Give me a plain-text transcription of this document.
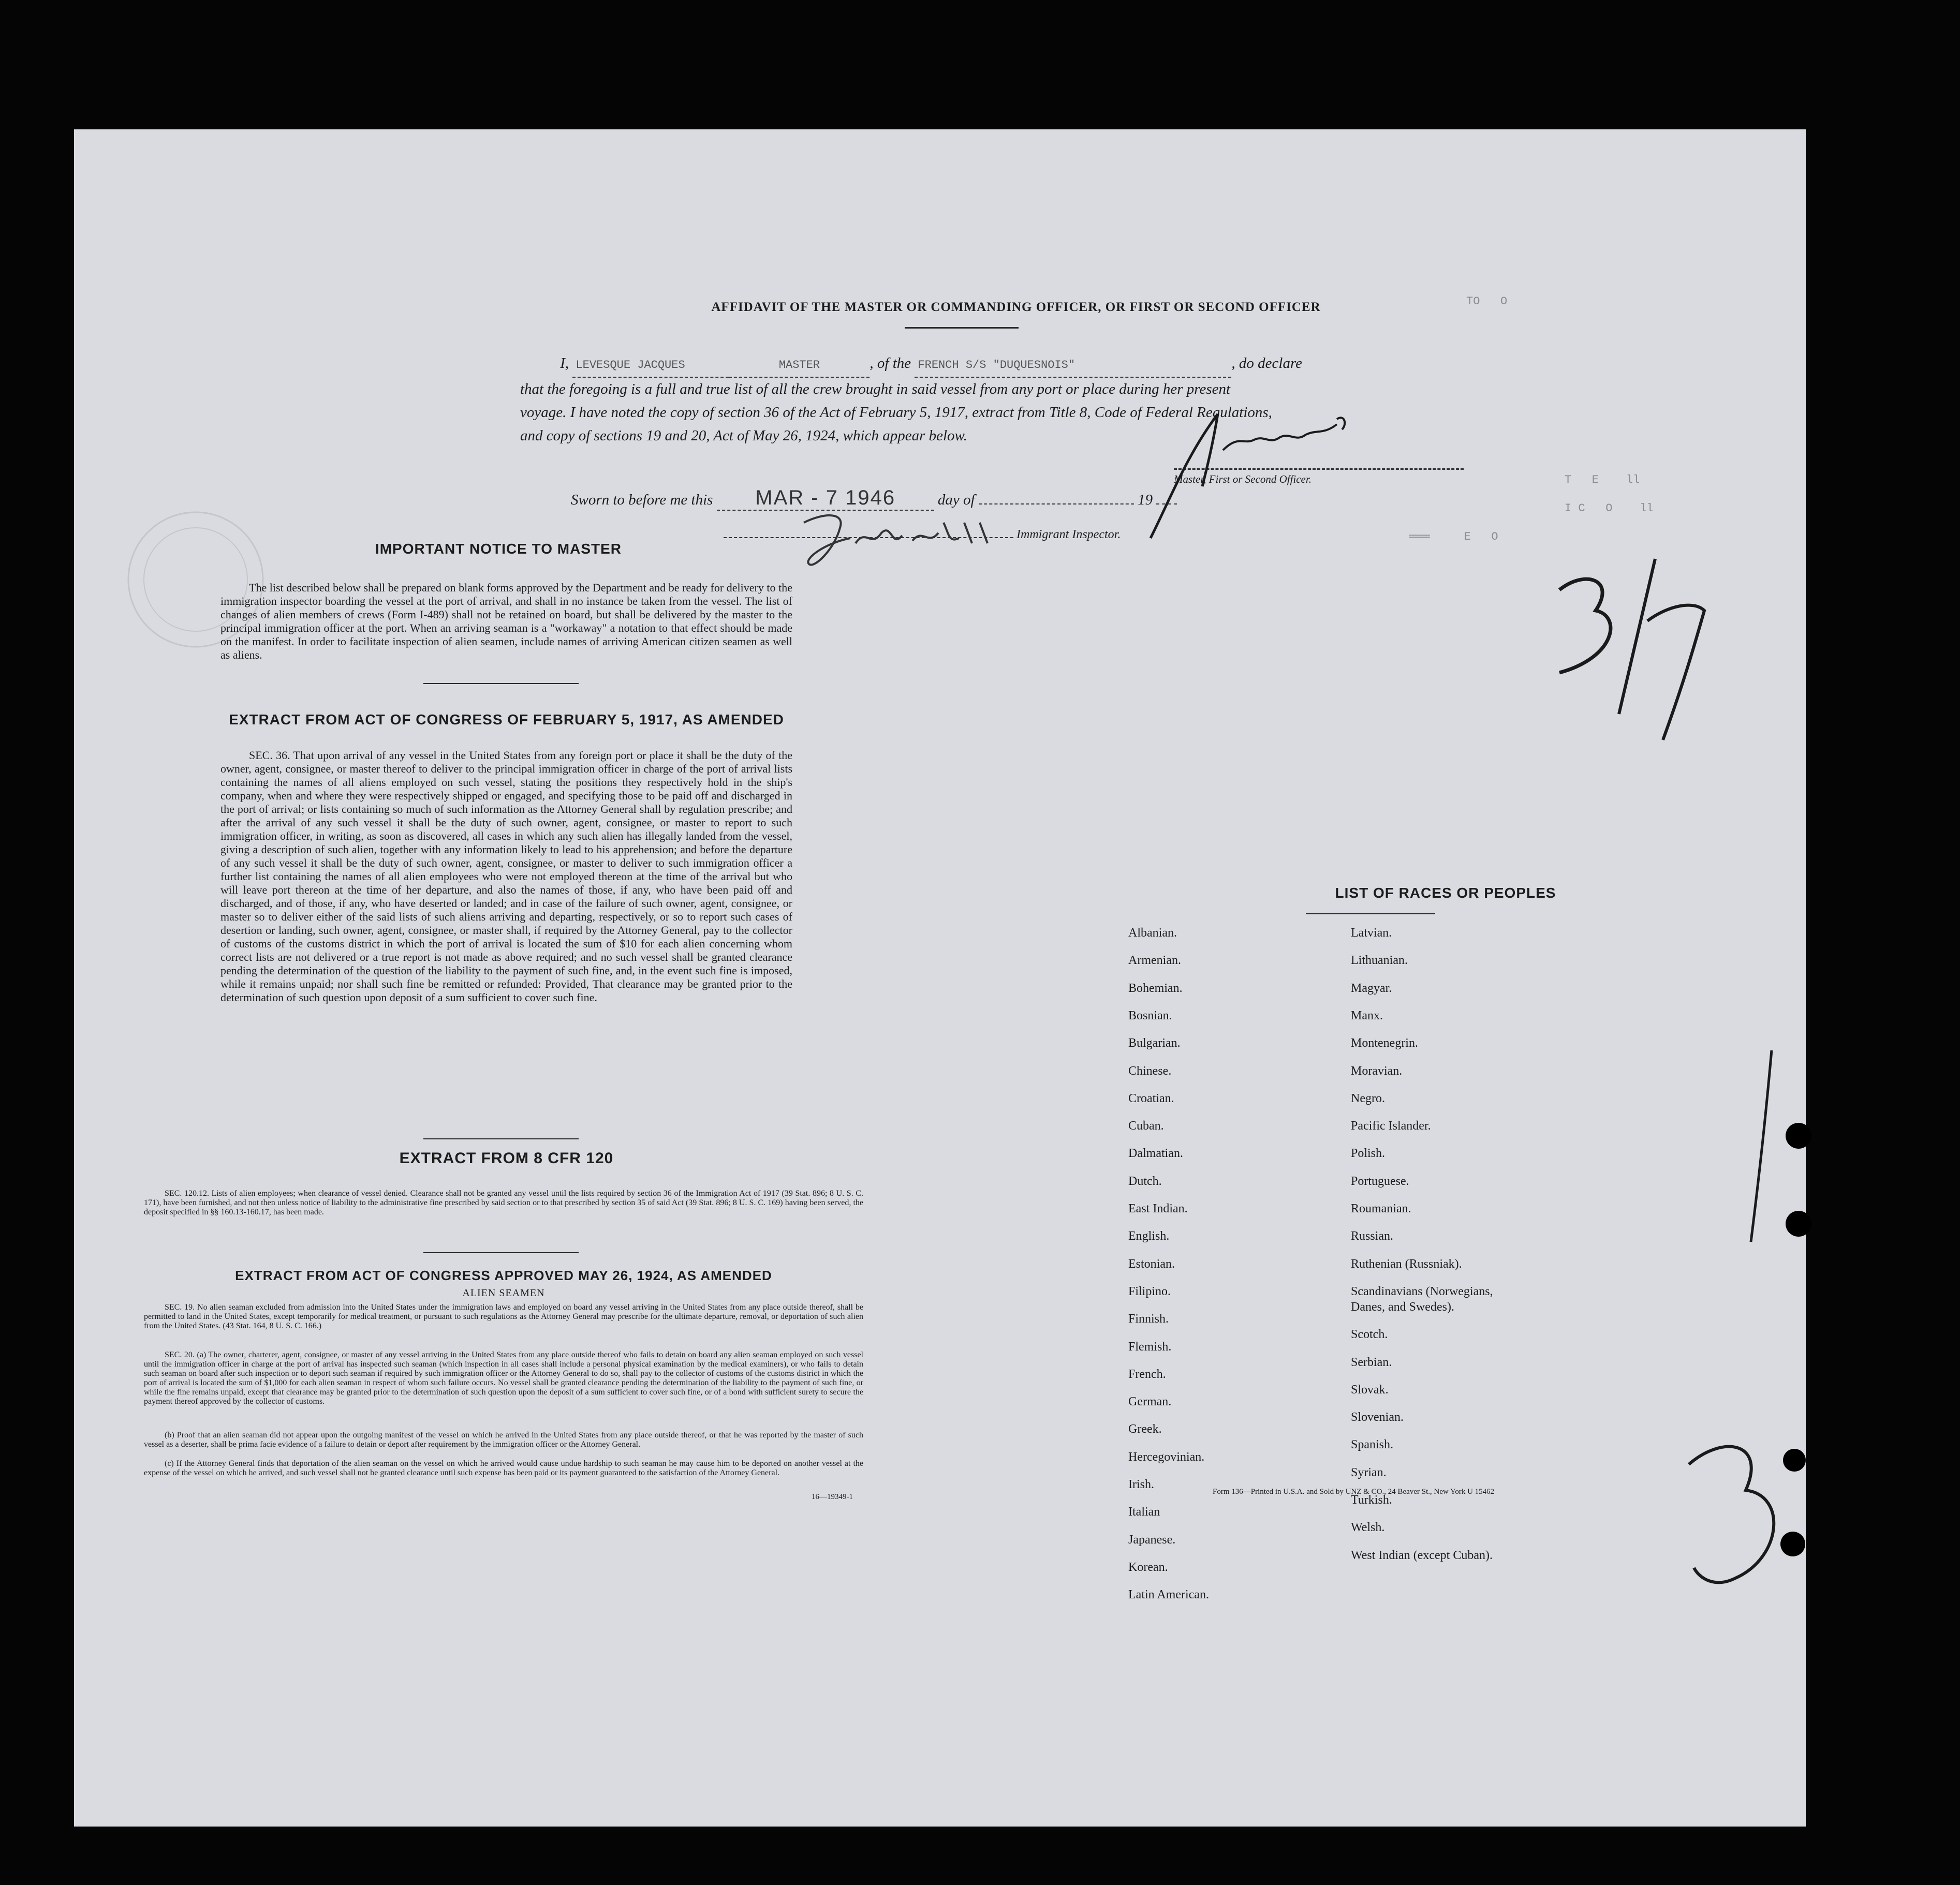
AFFIDAVIT OF THE MASTER OR COMMANDING OFFICER, OR FIRST OR SECOND OFFICER
I, LEVESQUE JACQUES	MASTER	, of the FRENCH S/S "DUQUESNOIS"	, do declare
that the foregoing is a full and true list of all the crew brought in said vessel from any port or place during her present
voyage. I have noted the copy of section 36 of the Act of February 5, 1917, extract from Title 8, Code of Federal Regulations,
and copy of sections 19 and 20, Act of May 26, 1924, which appear below.
Master, First or Second Officer.
Sworn to before me this MAR - 7 1946	day of	19
Immigrant Inspector.
IMPORTANT NOTICE TO MASTER
The list described below shall be prepared on blank forms approved by the Department and be ready for delivery to the immigration inspector boarding the vessel at the port of arrival, and shall in no instance be taken from the vessel. The list of changes of alien members of crews (Form I-489) shall not be retained on board, but shall be delivered by the master to the principal immigration officer at the port. When an arriving seaman is a "workaway" a notation to that effect should be made on the manifest. In order to facilitate inspection of alien seamen, include names of arriving American citizen seamen as well as aliens.
EXTRACT FROM ACT OF CONGRESS OF FEBRUARY 5, 1917, AS AMENDED
SEC. 36. That upon arrival of any vessel in the United States from any foreign port or place it shall be the duty of the owner, agent, consignee, or master thereof to deliver to the principal immigration officer in charge of the port of arrival lists containing the names of all aliens employed on such vessel, stating the positions they respectively hold in the ship's company, when and where they were respectively shipped or engaged, and specifying those to be paid off and discharged in the port of arrival; or lists containing so much of such information as the Attorney General shall by regulation prescribe; and after the arrival of any such vessel it shall be the duty of such owner, agent, consignee, or master to report to such immigration officer, in writing, as soon as discovered, all cases in which any such alien has illegally landed from the vessel, giving a description of such alien, together with any information likely to lead to his apprehension; and before the departure of any such vessel it shall be the duty of such owner, agent, consignee, or master to deliver to such immigration officer a further list containing the names of all alien employees who were not employed thereon at the time of the arrival but who will leave port thereon at the time of her departure, and also the names of those, if any, who have been paid off and discharged, and of those, if any, who have deserted or landed; and in case of the failure of such owner, agent, consignee, or master so to deliver either of the said lists of such aliens arriving and departing, respectively, or so to report such cases of desertion or landing, such owner, agent, consignee, or master shall, if required by the Attorney General, pay to the collector of customs of the customs district in which the port of arrival is located the sum of $10 for each alien concerning whom correct lists are not delivered or a true report is not made as above required; and no such vessel shall be granted clearance pending the determination of the question of the liability to the payment of such fine, and, in the event such fine is imposed, while it remains unpaid; nor shall such fine be remitted or refunded: Provided, That clearance may be granted prior to the determination of such question upon deposit of a sum sufficient to cover such fine.
EXTRACT FROM 8 CFR 120
SEC. 120.12. Lists of alien employees; when clearance of vessel denied. Clearance shall not be granted any vessel until the lists required by section 36 of the Immigration Act of 1917 (39 Stat. 896; 8 U. S. C. 171), have been furnished, and not then unless notice of liability to the administrative fine prescribed by said section or to that prescribed by section 35 of said Act (39 Stat. 896; 8 U. S. C. 169) having been served, the deposit specified in §§ 160.13-160.17, has been made.
EXTRACT FROM ACT OF CONGRESS APPROVED MAY 26, 1924, AS AMENDED
ALIEN SEAMEN
SEC. 19. No alien seaman excluded from admission into the United States under the immigration laws and employed on board any vessel arriving in the United States from any place outside thereof, shall be permitted to land in the United States, except temporarily for medical treatment, or pursuant to such regulations as the Attorney General may prescribe for the ultimate departure, removal, or deportation of such alien from the United States. (43 Stat. 164, 8 U. S. C. 166.)
SEC. 20. (a) The owner, charterer, agent, consignee, or master of any vessel arriving in the United States from any place outside thereof who fails to detain on board any alien seaman employed on such vessel until the immigration officer in charge at the port of arrival has inspected such seaman (which inspection in all cases shall include a personal physical examination by the medical examiners), or who fails to detain such seaman on board after such inspection or to deport such seaman if required by such immigration officer or the Attorney General to do so, shall pay to the collector of customs of the customs district in which the port of arrival is located the sum of $1,000 for each alien seaman in respect of whom such failure occurs. No vessel shall be granted clearance pending the determination of the liability to the payment of such fine, or while the fine remains unpaid, except that clearance may be granted prior to the determination of such question upon the deposit of a sum sufficient to cover such fine, or of a bond with sufficient surety to secure the payment thereof approved by the collector of customs.
(b) Proof that an alien seaman did not appear upon the outgoing manifest of the vessel on which he arrived in the United States from any place outside thereof, or that he was reported by the master of such vessel as a deserter, shall be prima facie evidence of a failure to detain or deport after requirement by the immigration officer or the Attorney General.
(c) If the Attorney General finds that deportation of the alien seaman on the vessel on which he arrived would cause undue hardship to such seaman he may cause him to be deported on another vessel at the expense of the vessel on which he arrived, and such vessel shall not be granted clearance until such expense has been paid or its payment guaranteed to the satisfaction of the Attorney General.
16—19349-1
LIST OF RACES OR PEOPLES
Albanian.
Armenian.
Bohemian.
Bosnian.
Bulgarian.
Chinese.
Croatian.
Cuban.
Dalmatian.
Dutch.
East Indian.
English.
Estonian.
Filipino.
Finnish.
Flemish.
French.
German.
Greek.
Hercegovinian.
Irish.
Italian
Japanese.
Korean.
Latin American.
Latvian.
Lithuanian.
Magyar.
Manx.
Montenegrin.
Moravian.
Negro.
Pacific Islander.
Polish.
Portuguese.
Roumanian.
Russian.
Ruthenian (Russniak).
Scandinavians (Norwegians,
Danes, and Swedes).
Scotch.
Serbian.
Slovak.
Slovenian.
Spanish.
Syrian.
Turkish.
Welsh.
West Indian (except Cuban).
Form 136—Printed in U.S.A. and Sold by UNZ & CO., 24 Beaver St., New York U 15462
TO   O
T   E    ll
I C   O    ll
═══     E   O
